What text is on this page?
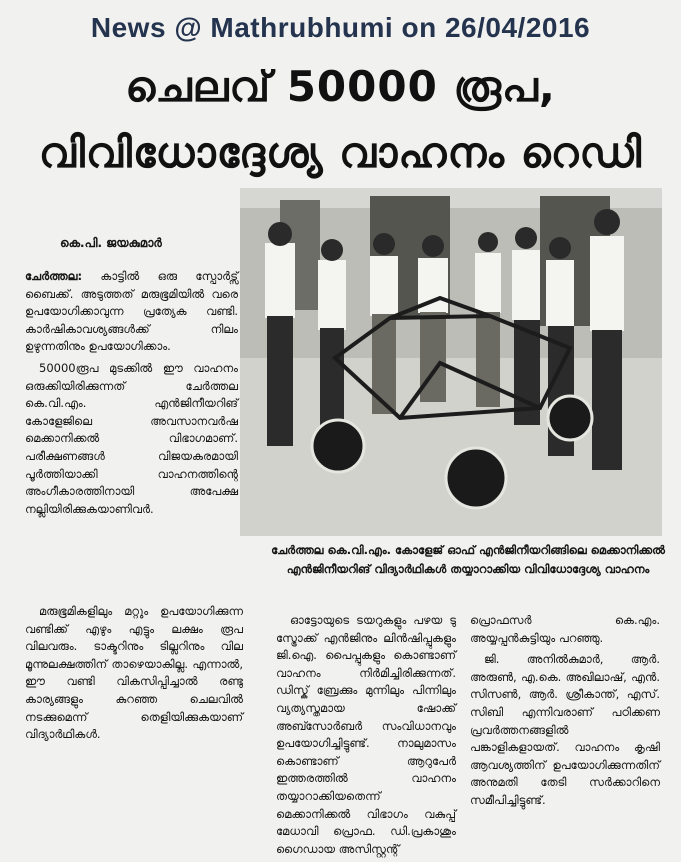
News @ Mathrubhumi on 26/04/2016
ചെലവ് 50000 രൂപ,
വിവിധോദ്ദേശ്യ വാഹനം റെഡി
കെ.പി. ജയകുമാർ

ചേർത്തല: കാട്ടിൽ ഒരു സ്പോർട്സ് ബൈക്ക്. അടുത്തത് മരുഭൂമിയിൽ വരെ ഉപയോഗിക്കാവുന്ന പ്രത്യേക വണ്ടി. കാർഷികാവശ്യങ്ങൾക്ക് നിലം ഉഴുന്നതിനും ഉപയോഗിക്കാം.

50000രൂപ മുടക്കിൽ ഈ വാഹനം ഒരുക്കിയിരിക്കുന്നത് ചേർത്തല കെ.വി.എം. എൻജിനീയറിങ് കോളേജിലെ അവസാനവർഷ മെക്കാനിക്കൽ വിഭാഗമാണ്. പരീക്ഷണങ്ങൾ വിജയകരമായി പൂർത്തിയാക്കി വാഹനത്തിന്റെ അംഗീകാരത്തിനായി അപേക്ഷ നല്ലിയിരിക്കുകയാണിവർ.

മരുഭൂമികളിലും മറ്റും ഉപയോഗിക്കുന്ന വണ്ടിക്ക് എഴും എട്ടും ലക്ഷം രൂപ വിലവരും. ടാക്ടറിനും ടില്ലറിനും വില മൂന്നുലക്ഷത്തിന് താഴെയാകില്ല. എന്നാൽ, ഈ വണ്ടി വികസിപ്പിച്ചാൽ രണ്ടു കാര്യങ്ങളും കുറഞ്ഞ ചെലവിൽ നടക്കുമെന്ന് തെളിയിക്കുകയാണ് വിദ്യാർഥികൾ.

ഓട്ടോയുടെ ടയറുകളും പഴയ ടു സ്ട്രോക്ക് എൻജിനും ലിൻഷിപ്പുകളും ജി.ഐ. പൈപ്പുകളും കൊണ്ടാണ് വാഹനം നിർമിച്ചിരിക്കുന്നത്. ഡിസ്ക് ബ്രേക്കും മുന്നിലും പിന്നിലും വ്യത്യസ്തമായ ഷോക്ക് അബ്സോർബർ സംവിധാനവും ഉപയോഗിച്ചിട്ടുണ്ട്. നാലുമാസം കൊണ്ടാണ് ആറുപേർ ഇത്തരത്തിൽ വാഹനം തയ്യാറാക്കിയതെന്ന് മെക്കാനിക്കൽ വിഭാഗം വകുപ്പ് മേധാവി പ്രൊഫ. ഡി.പ്രകാശും ഗൈഡായ അസിസ്റ്റന്റ്

പ്രൊഫസർ കെ.എം. അയ്യപ്പൻകുട്ടിയും പറഞ്ഞു.

ജി. അനിൽകുമാർ, ആർ. അരുൺ, എ.കെ. അഖിലാഷ്, എൻ. സിസൺ, ആർ. ശ്രീകാന്ത്, എസ്. സിബി എന്നിവരാണ് പഠിക്കണ പ്രവർത്തനങ്ങളിൽ പങ്കാളികളായത്. വാഹനം കൃഷി ആവശ്യത്തിന് ഉപയോഗിക്കുന്നതിന് അനുമതി തേടി സർക്കാറിനെ സമീപിച്ചിട്ടുണ്ട്.

ചേർത്തല കെ.വി.എം. കോളേജ് ഓഫ് എൻജിനീയറിങ്ങിലെ മെക്കാനിക്കൽ എൻജിനീയറിങ് വിദ്യാർഥികൾ തയ്യാറാക്കിയ വിവിധോദ്ദേശ്യ വാഹനം
